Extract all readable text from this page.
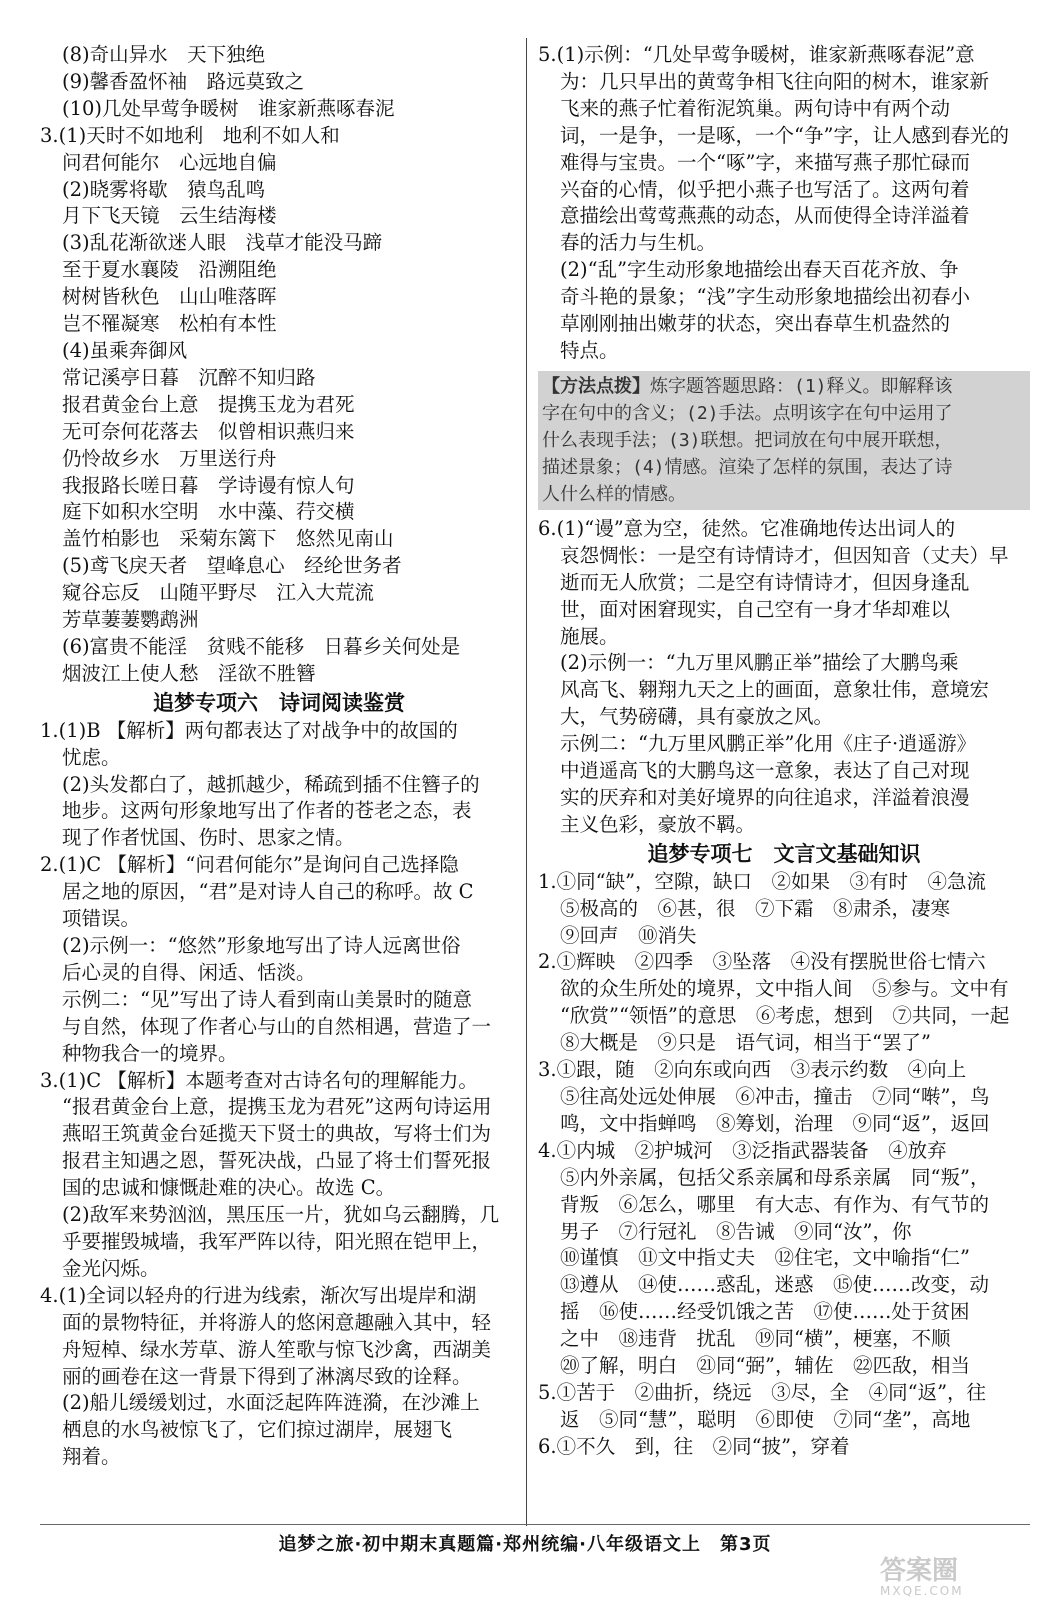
(8)奇山异水　天下独绝
(9)馨香盈怀袖　路远莫致之
(10)几处早莺争暖树　谁家新燕啄春泥
3.(1)天时不如地利　地利不如人和
问君何能尔　心远地自偏
(2)晓雾将歇　猿鸟乱鸣
月下飞天镜　云生结海楼
(3)乱花渐欲迷人眼　浅草才能没马蹄
至于夏水襄陵　沿溯阻绝
树树皆秋色　山山唯落晖
岂不罹凝寒　松柏有本性
(4)虽乘奔御风
常记溪亭日暮　沉醉不知归路
报君黄金台上意　提携玉龙为君死
无可奈何花落去　似曾相识燕归来
仍怜故乡水　万里送行舟
我报路长嗟日暮　学诗谩有惊人句
庭下如积水空明　水中藻、荇交横
盖竹柏影也　采菊东篱下　悠然见南山
(5)鸢飞戾天者　望峰息心　经纶世务者
窥谷忘反　山随平野尽　江入大荒流
芳草萋萋鹦鹉洲
(6)富贵不能淫　贫贱不能移　日暮乡关何处是
烟波江上使人愁　淫欲不胜簪
追梦专项六　诗词阅读鉴赏
1.(1)B 【解析】两句都表达了对战争中的故国的
忧虑。
(2)头发都白了，越抓越少，稀疏到插不住簪子的
地步。这两句形象地写出了作者的苍老之态，表
现了作者忧国、伤时、思家之情。
2.(1)C 【解析】“问君何能尔”是询问自己选择隐
居之地的原因，“君”是对诗人自己的称呼。故 C
项错误。
(2)示例一：“悠然”形象地写出了诗人远离世俗
后心灵的自得、闲适、恬淡。
示例二：“见”写出了诗人看到南山美景时的随意
与自然，体现了作者心与山的自然相遇，营造了一
种物我合一的境界。
3.(1)C 【解析】本题考查对古诗名句的理解能力。
“报君黄金台上意，提携玉龙为君死”这两句诗运用
燕昭王筑黄金台延揽天下贤士的典故，写将士们为
报君主知遇之恩，誓死决战，凸显了将士们誓死报
国的忠诚和慷慨赴难的决心。故选 C。
(2)敌军来势汹汹，黑压压一片，犹如乌云翻腾，几
乎要摧毁城墙，我军严阵以待，阳光照在铠甲上，
金光闪烁。
4.(1)全词以轻舟的行进为线索，渐次写出堤岸和湖
面的景物特征，并将游人的悠闲意趣融入其中，轻
舟短棹、绿水芳草、游人笙歌与惊飞沙禽，西湖美
丽的画卷在这一背景下得到了淋漓尽致的诠释。
(2)船儿缓缓划过，水面泛起阵阵涟漪，在沙滩上
栖息的水鸟被惊飞了，它们掠过湖岸，展翅飞
翔着。
5.(1)示例：“几处早莺争暖树，谁家新燕啄春泥”意
为：几只早出的黄莺争相飞往向阳的树木，谁家新
飞来的燕子忙着衔泥筑巢。两句诗中有两个动
词，一是争，一是啄，一个“争”字，让人感到春光的
难得与宝贵。一个“啄”字，来描写燕子那忙碌而
兴奋的心情，似乎把小燕子也写活了。这两句着
意描绘出莺莺燕燕的动态，从而使得全诗洋溢着
春的活力与生机。
(2)“乱”字生动形象地描绘出春天百花齐放、争
奇斗艳的景象；“浅”字生动形象地描绘出初春小
草刚刚抽出嫩芽的状态，突出春草生机盎然的
特点。
【方法点拨】炼字题答题思路：(1)释义。即解释该
字在句中的含义；(2)手法。点明该字在句中运用了
什么表现手法；(3)联想。把词放在句中展开联想，
描述景象；(4)情感。渲染了怎样的氛围，表达了诗
人什么样的情感。
6.(1)“谩”意为空，徒然。它准确地传达出词人的
哀怨惆怅：一是空有诗情诗才，但因知音（丈夫）早
逝而无人欣赏；二是空有诗情诗才，但因身逢乱
世，面对困窘现实，自己空有一身才华却难以
施展。
(2)示例一：“九万里风鹏正举”描绘了大鹏鸟乘
风高飞、翱翔九天之上的画面，意象壮伟，意境宏
大，气势磅礴，具有豪放之风。
示例二：“九万里风鹏正举”化用《庄子·逍遥游》
中逍遥高飞的大鹏鸟这一意象，表达了自己对现
实的厌弃和对美好境界的向往追求，洋溢着浪漫
主义色彩，豪放不羁。
追梦专项七　文言文基础知识
1.①同“缺”，空隙，缺口　②如果　③有时　④急流
⑤极高的　⑥甚，很　⑦下霜　⑧肃杀，凄寒
⑨回声　⑩消失
2.①辉映　②四季　③坠落　④没有摆脱世俗七情六
欲的众生所处的境界，文中指人间　⑤参与。文中有
“欣赏”“领悟”的意思　⑥考虑，想到　⑦共同，一起
⑧大概是　⑨只是　语气词，相当于“罢了”
3.①跟，随　②向东或向西　③表示约数　④向上
⑤往高处远处伸展　⑥冲击，撞击　⑦同“啭”，鸟
鸣，文中指蝉鸣　⑧筹划，治理　⑨同“返”，返回
4.①内城　②护城河　③泛指武器装备　④放弃
⑤内外亲属，包括父系亲属和母系亲属　同“叛”，
背叛　⑥怎么，哪里　有大志、有作为、有气节的
男子　⑦行冠礼　⑧告诫　⑨同“汝”，你
⑩谨慎　⑪文中指丈夫　⑫住宅，文中喻指“仁”
⑬遵从　⑭使……惑乱，迷惑　⑮使……改变，动
摇　⑯使……经受饥饿之苦　⑰使……处于贫困
之中　⑱违背　扰乱　⑲同“横”，梗塞，不顺
⑳了解，明白　㉑同“弼”，辅佐　㉒匹敌，相当
5.①苦于　②曲折，绕远　③尽，全　④同“返”，往
返　⑤同“慧”，聪明　⑥即使　⑦同“垄”，高地
6.①不久　到，往　②同“披”，穿着
追梦之旅·初中期末真题篇·郑州统编·八年级语文上　第3页
答案圈
MXQE.COM
